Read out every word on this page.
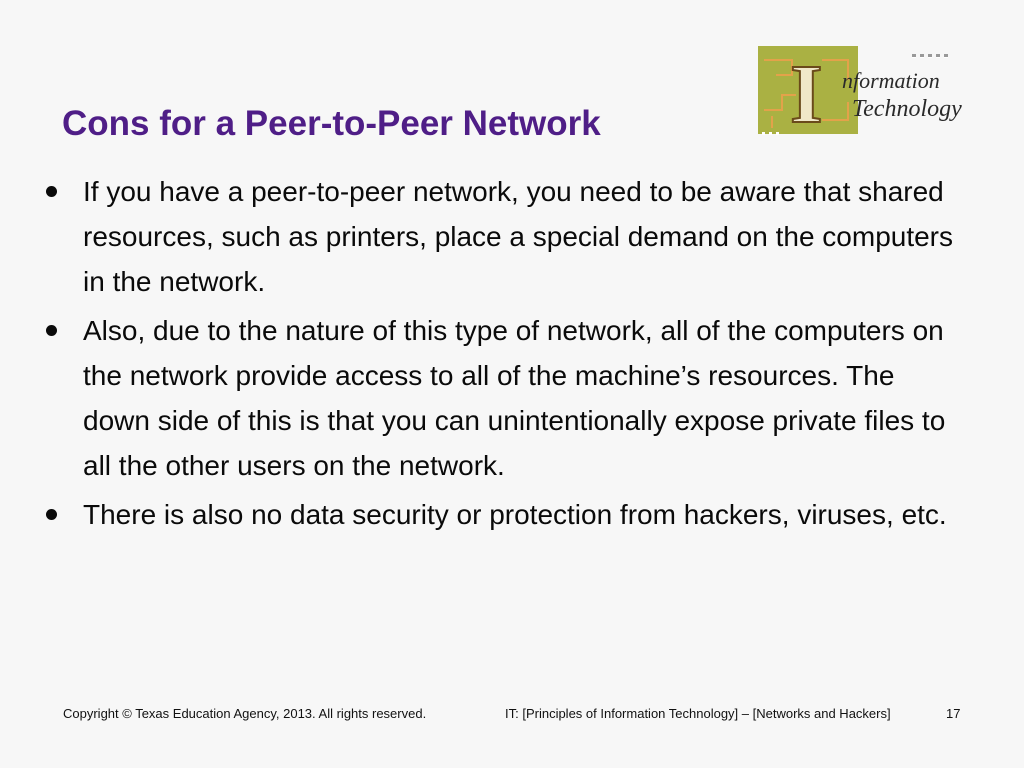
I nformation
Technology
Cons for a Peer-to-Peer Network
If you have a peer-to-peer network, you need to be aware that shared resources, such as printers, place a special demand on the computers in the network.
Also, due to the nature of this type of network, all of the computers on the network provide access to all of the machine’s resources. The down side of this is that you can unintentionally expose private files to all the other users on the network.
There is also no data security or protection from hackers, viruses, etc.
Copyright © Texas Education Agency, 2013. All rights reserved.	IT: [Principles of Information Technology] – [Networks and Hackers]	17
